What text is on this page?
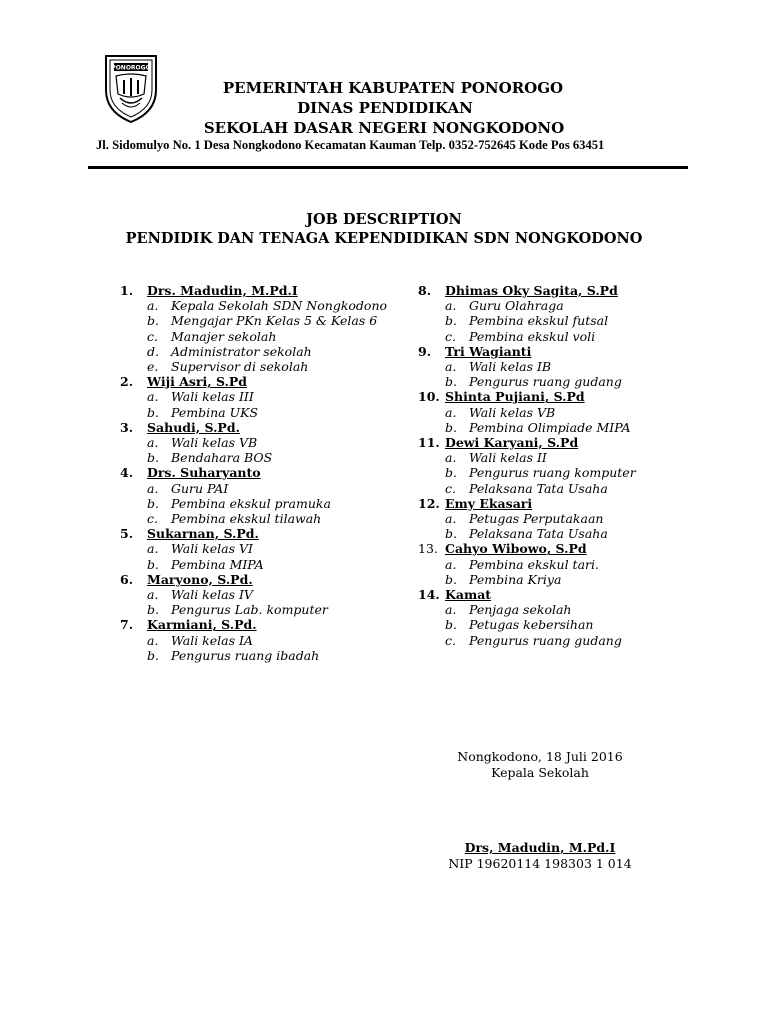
PONOROGO
PEMERINTAH KABUPATEN PONOROGO
DINAS PENDIDIKAN
SEKOLAH DASAR NEGERI NONGKODONO
Jl. Sidomulyo No. 1 Desa Nongkodono Kecamatan Kauman Telp. 0352-752645 Kode Pos 63451
JOB DESCRIPTION
PENDIDIK DAN TENAGA KEPENDIDIKAN SDN NONGKODONO
1.	Drs. Madudin, M.Pd.I
a.	Kepala Sekolah SDN Nongkodono
b. Mengajar PKn Kelas 5 & Kelas 6
c.	Manajer sekolah
d. Administrator sekolah
e.	Supervisor di sekolah
2.	Wiji Asri, S.Pd
a.	Wali kelas III
b. Pembina UKS
3.	Sahudi, S.Pd.
a.	Wali kelas VB
b. Bendahara BOS
4.	Drs. Suharyanto
a.	Guru PAI
b. Pembina ekskul pramuka
c.	Pembina ekskul tilawah
5.	Sukarnan, S.Pd.
a.	Wali kelas VI
b. Pembina MIPA
6.	Maryono, S.Pd.
a.	Wali kelas IV
b. Pengurus Lab. komputer
7.	Karmiani, S.Pd.
a.	Wali kelas IA
b. Pengurus ruang ibadah
8.	Dhimas Oky Sagita, S.Pd
a.	Guru Olahraga
b. Pembina ekskul futsal
c.	Pembina ekskul voli
9.	Tri Wagianti
a.	Wali kelas IB
b. Pengurus ruang gudang
10. Shinta Pujiani, S.Pd
a.	Wali kelas VB
b. Pembina Olimpiade MIPA
11. Dewi Karyani, S.Pd
a.	Wali kelas II
b. Pengurus ruang komputer
c.	Pelaksana Tata Usaha
12. Emy Ekasari
a.	Petugas Perputakaan
b. Pelaksana Tata Usaha
13. Cahyo Wibowo, S.Pd
a.	Pembina ekskul tari.
b. Pembina Kriya
14. Kamat
a.	Penjaga sekolah
b. Petugas kebersihan
c.	Pengurus ruang gudang
Nongkodono, 18 Juli 2016
Kepala Sekolah
Drs, Madudin, M.Pd.I
NIP 19620114 198303 1 014
